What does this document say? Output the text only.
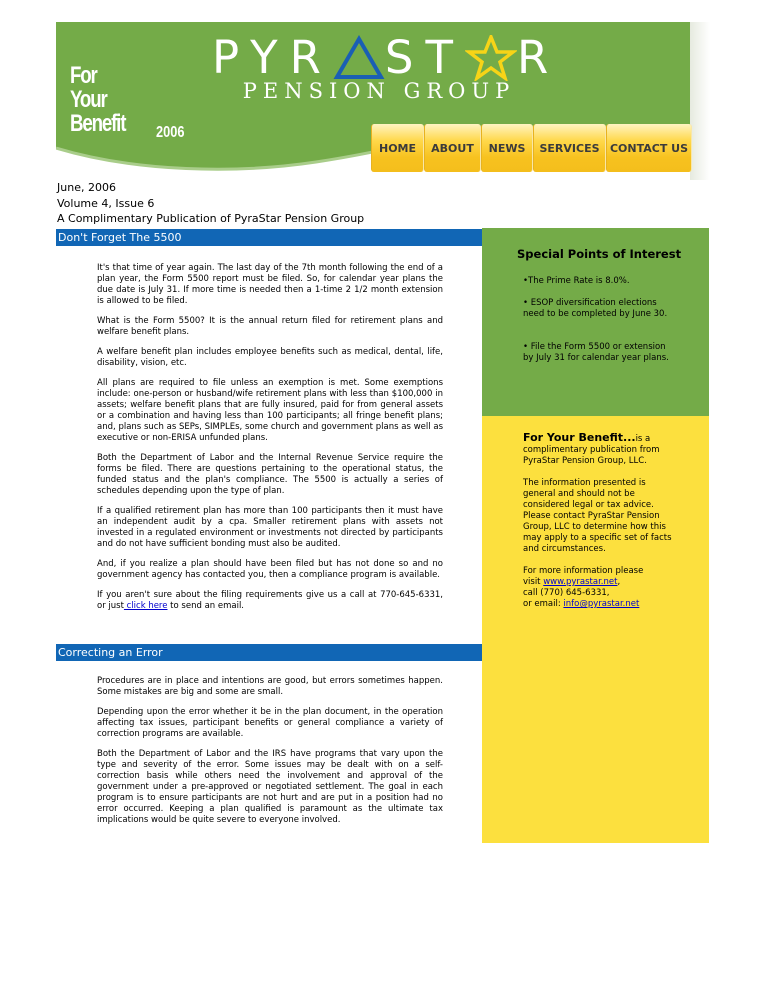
For
Your
Benefit 2006
PYR ST R
PENSION GROUP
HOME	ABOUT	NEWS	SERVICES CONTACT US
June, 2006
Volume 4, Issue 6
A Complimentary Publication of PyraStar Pension Group
Don't Forget The 5500

It's that time of year again. The last day of the 7th month following the end of a plan year, the Form 5500 report must be filed. So, for calendar year plans the due date is July 31. If more time is needed then a 1-time 2 1/2 month extension is allowed to be filed.

What is the Form 5500? It is the annual return filed for retirement plans and welfare benefit plans.

A welfare benefit plan includes employee benefits such as medical, dental, life, disability, vision, etc.

All plans are required to file unless an exemption is met. Some exemptions include: one-person or husband/wife retirement plans with less than $100,000 in assets; welfare benefit plans that are fully insured, paid for from general assets or a combination and having less than 100 participants; all fringe benefit plans; and, plans such as SEPs, SIMPLEs, some church and government plans as well as executive or non-ERISA unfunded plans.

Both the Department of Labor and the Internal Revenue Service require the forms be filed. There are questions pertaining to the operational status, the funded status and the plan's compliance. The 5500 is actually a series of schedules depending upon the type of plan.

If a qualified retirement plan has more than 100 participants then it must have an independent audit by a cpa. Smaller retirement plans with assets not invested in a regulated environment or investments not directed by participants and do not have sufficient bonding must also be audited.

And, if you realize a plan should have been filed but has not done so and no government agency has contacted you, then a compliance program is available.

If you aren't sure about the filing requirements give us a call at 770-645-6331, or just click here to send an email.

Correcting an Error

Procedures are in place and intentions are good, but errors sometimes happen. Some mistakes are big and some are small.

Depending upon the error whether it be in the plan document, in the operation affecting tax issues, participant benefits or general compliance a variety of correction programs are available.

Both the Department of Labor and the IRS have programs that vary upon the type and severity of the error. Some issues may be dealt with on a self-correction basis while others need the involvement and approval of the government under a pre-approved or negotiated settlement. The goal in each program is to ensure participants are not hurt and are put in a position had no error occurred. Keeping a plan qualified is paramount as the ultimate tax implications would be quite severe to everyone involved.

Special Points of Interest
•The Prime Rate is 8.0%.
• ESOP diversification elections need to be completed by June 30.
• File the Form 5500 or extension by July 31 for calendar year plans.

For Your Benefit...is a complimentary publication from PyraStar Pension Group, LLC.

The information presented is general and should not be considered legal or tax advice. Please contact PyraStar Pension Group, LLC to determine how this may apply to a specific set of facts and circumstances.

For more information please
visit www.pyrastar.net,
call (770) 645-6331,
or email: info@pyrastar.net
